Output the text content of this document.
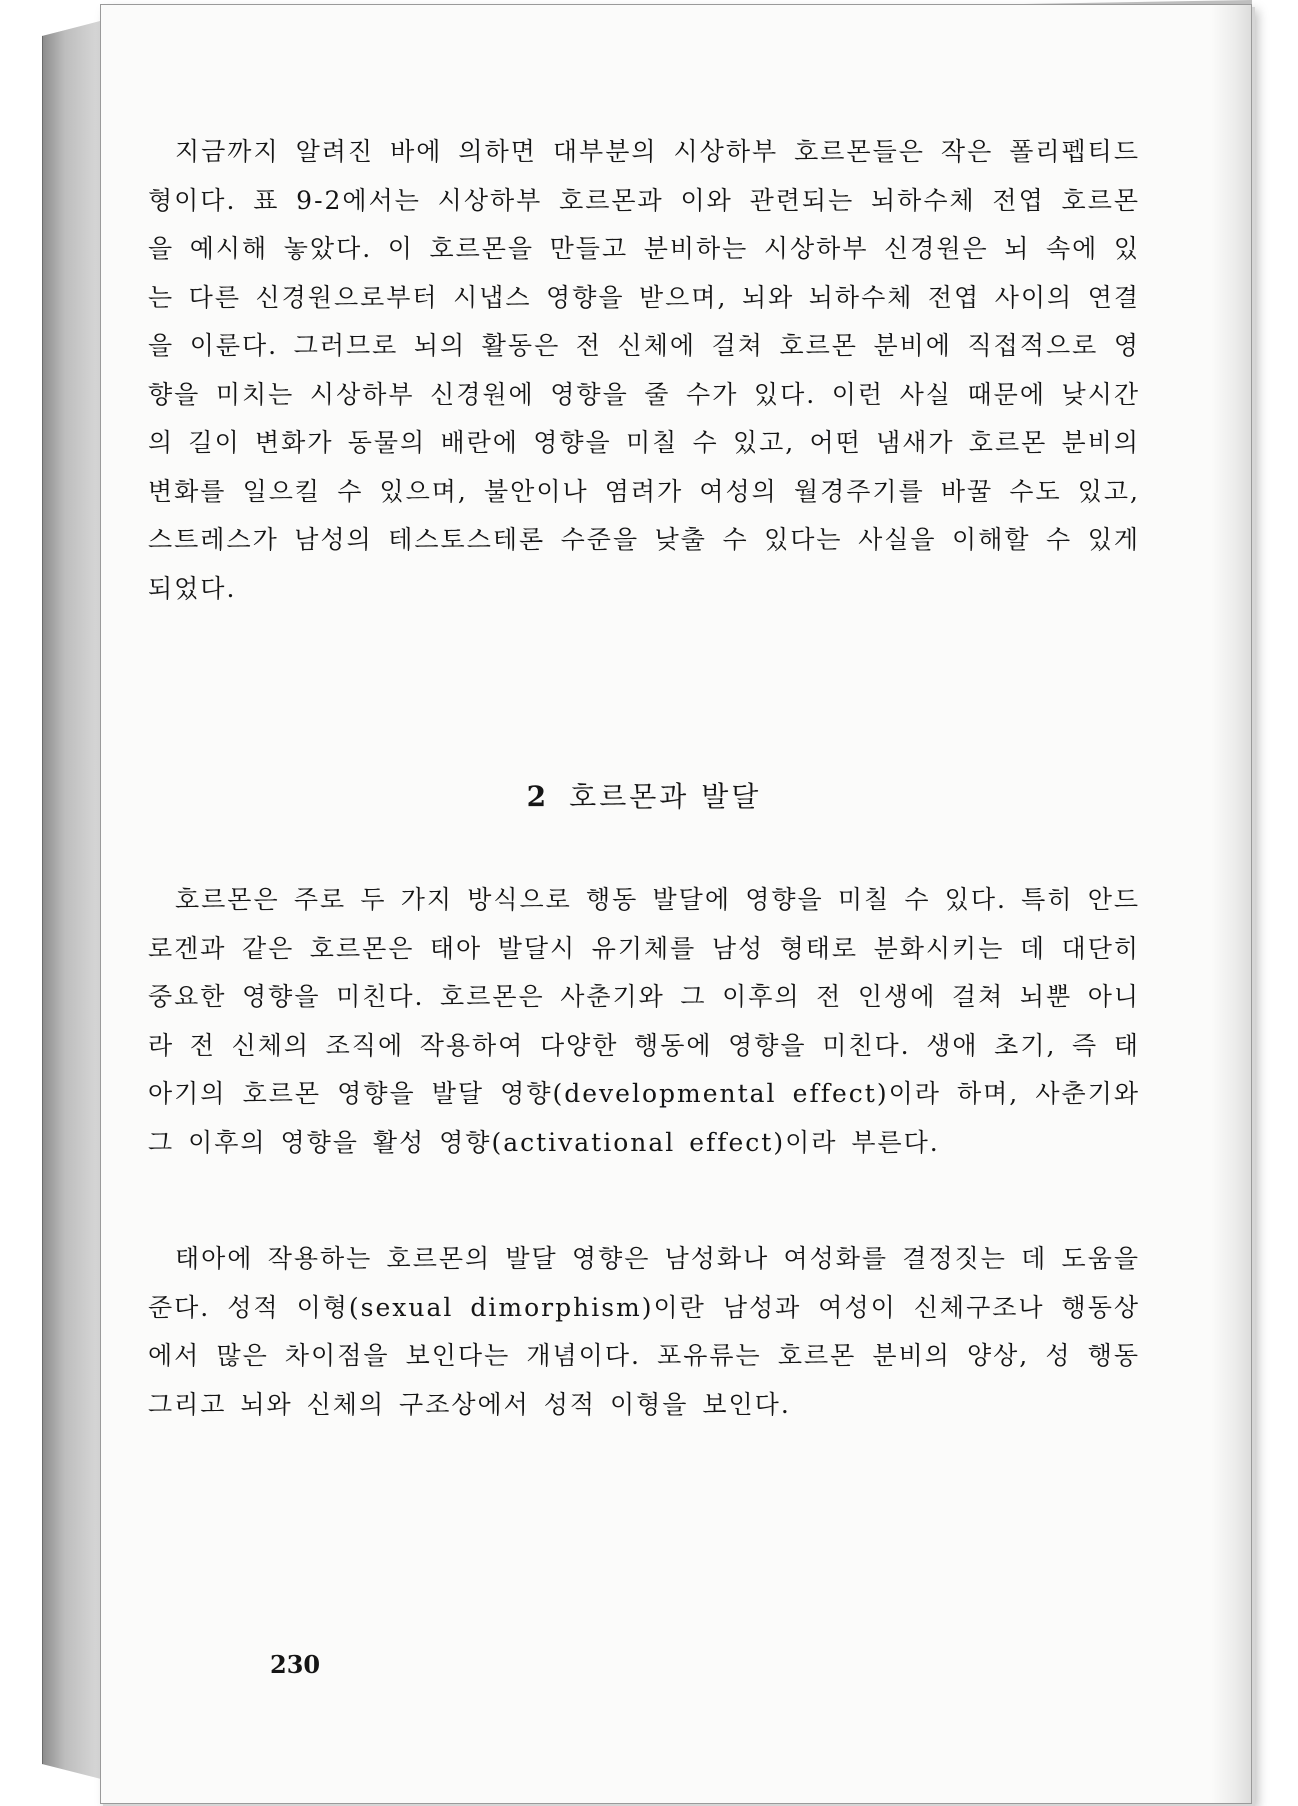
지금까지 알려진 바에 의하면 대부분의 시상하부 호르몬들은 작은 폴리펩티드형이다. 표 9-2에서는 시상하부 호르몬과 이와 관련되는 뇌하수체 전엽 호르몬을 예시해 놓았다. 이 호르몬을 만들고 분비하는 시상하부 신경원은 뇌 속에 있는 다른 신경원으로부터 시냅스 영향을 받으며, 뇌와 뇌하수체 전엽 사이의 연결을 이룬다. 그러므로 뇌의 활동은 전 신체에 걸쳐 호르몬 분비에 직접적으로 영향을 미치는 시상하부 신경원에 영향을 줄 수가 있다. 이런 사실 때문에 낮시간의 길이 변화가 동물의 배란에 영향을 미칠 수 있고, 어떤 냄새가 호르몬 분비의 변화를 일으킬 수 있으며, 불안이나 염려가 여성의 월경주기를 바꿀 수도 있고, 스트레스가 남성의 테스토스테론 수준을 낮출 수 있다는 사실을 이해할 수 있게 되었다.

2 호르몬과 발달

호르몬은 주로 두 가지 방식으로 행동 발달에 영향을 미칠 수 있다. 특히 안드로겐과 같은 호르몬은 태아 발달시 유기체를 남성 형태로 분화시키는 데 대단히 중요한 영향을 미친다. 호르몬은 사춘기와 그 이후의 전 인생에 걸쳐 뇌뿐 아니라 전 신체의 조직에 작용하여 다양한 행동에 영향을 미친다. 생애 초기, 즉 태아기의 호르몬 영향을 발달 영향(developmental effect)이라 하며, 사춘기와 그 이후의 영향을 활성 영향(activational effect)이라 부른다.

태아에 작용하는 호르몬의 발달 영향은 남성화나 여성화를 결정짓는 데 도움을 준다. 성적 이형(sexual dimorphism)이란 남성과 여성이 신체구조나 행동상에서 많은 차이점을 보인다는 개념이다. 포유류는 호르몬 분비의 양상, 성 행동 그리고 뇌와 신체의 구조상에서 성적 이형을 보인다.

230
